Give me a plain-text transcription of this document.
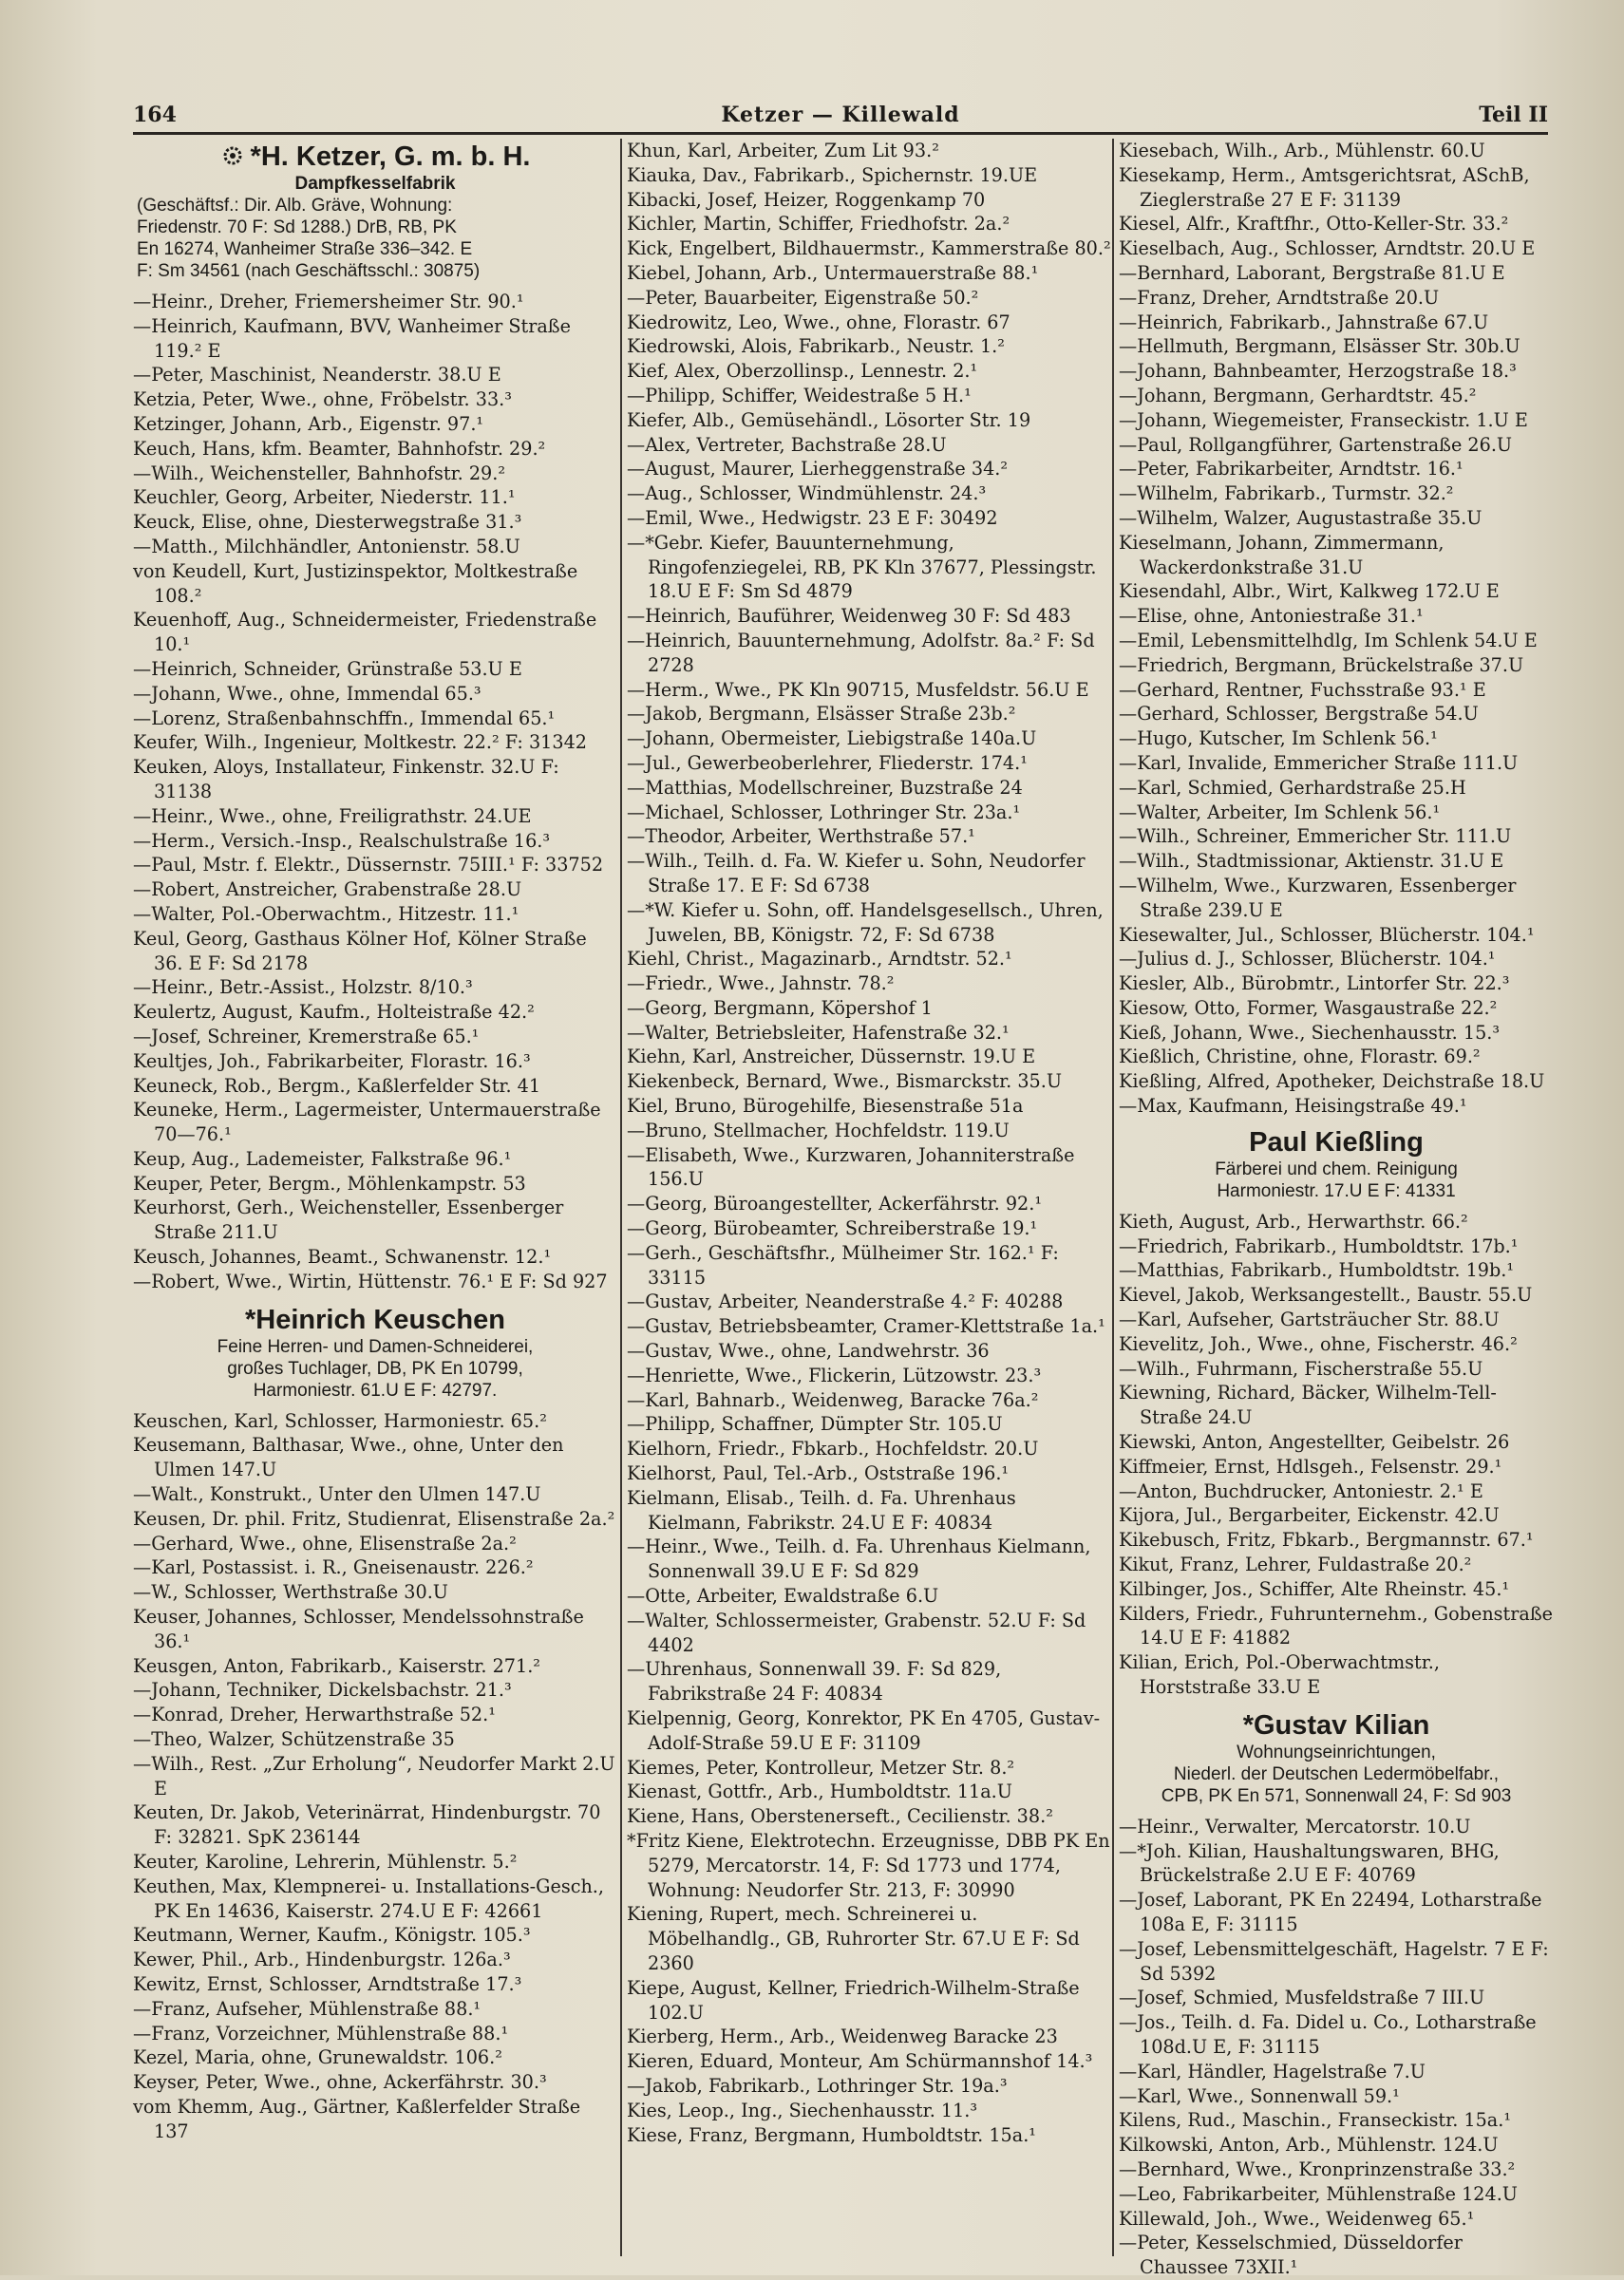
164	Ketzer — Killewald	Teil II
*H. Ketzer, G. m. b. H.
Dampfkesselfabrik
(Geschäftsf.: Dir. Alb. Gräve, Wohnung:
Friedenstr. 70 F: Sd 1288.) DrB, RB, PK
En 16274, Wanheimer Straße 336–342. E
F: Sm 34561 (nach Geschäftsschl.: 30875)
—Heinr., Dreher, Friemersheimer Str. 90.¹
—Heinrich, Kaufmann, BVV, Wanheimer Straße 119.² E
—Peter, Maschinist, Neanderstr. 38.U E
Ketzia, Peter, Wwe., ohne, Fröbelstr. 33.³
Ketzinger, Johann, Arb., Eigenstr. 97.¹
Keuch, Hans, kfm. Beamter, Bahnhofstr. 29.²
—Wilh., Weichensteller, Bahnhofstr. 29.²
Keuchler, Georg, Arbeiter, Niederstr. 11.¹
Keuck, Elise, ohne, Diesterwegstraße 31.³
—Matth., Milchhändler, Antonienstr. 58.U
von Keudell, Kurt, Justizinspektor, Moltkestraße 108.²
Keuenhoff, Aug., Schneidermeister, Friedenstraße 10.¹
—Heinrich, Schneider, Grünstraße 53.U E
—Johann, Wwe., ohne, Immendal 65.³
—Lorenz, Straßenbahnschffn., Immendal 65.¹
Keufer, Wilh., Ingenieur, Moltkestr. 22.² F: 31342
Keuken, Aloys, Installateur, Finkenstr. 32.U F: 31138
—Heinr., Wwe., ohne, Freiligrathstr. 24.UE
—Herm., Versich.-Insp., Realschulstraße 16.³
—Paul, Mstr. f. Elektr., Düssernstr. 75III.¹ F: 33752
—Robert, Anstreicher, Grabenstraße 28.U
—Walter, Pol.-Oberwachtm., Hitzestr. 11.¹
Keul, Georg, Gasthaus Kölner Hof, Kölner Straße 36. E F: Sd 2178
—Heinr., Betr.-Assist., Holzstr. 8/10.³
Keulertz, August, Kaufm., Holteistraße 42.²
—Josef, Schreiner, Kremerstraße 65.¹
Keultjes, Joh., Fabrikarbeiter, Florastr. 16.³
Keuneck, Rob., Bergm., Kaßlerfelder Str. 41
Keuneke, Herm., Lagermeister, Untermauerstraße 70—76.¹
Keup, Aug., Lademeister, Falkstraße 96.¹
Keuper, Peter, Bergm., Möhlenkampstr. 53
Keurhorst, Gerh., Weichensteller, Essenberger Straße 211.U
Keusch, Johannes, Beamt., Schwanenstr. 12.¹
—Robert, Wwe., Wirtin, Hüttenstr. 76.¹ E F: Sd 927
*Heinrich Keuschen
Feine Herren- und Damen-Schneiderei,
großes Tuchlager, DB, PK En 10799,
Harmoniestr. 61.U E F: 42797.
Keuschen, Karl, Schlosser, Harmoniestr. 65.²
Keusemann, Balthasar, Wwe., ohne, Unter den Ulmen 147.U
—Walt., Konstrukt., Unter den Ulmen 147.U
Keusen, Dr. phil. Fritz, Studienrat, Elisenstraße 2a.²
—Gerhard, Wwe., ohne, Elisenstraße 2a.²
—Karl, Postassist. i. R., Gneisenaustr. 226.²
—W., Schlosser, Werthstraße 30.U
Keuser, Johannes, Schlosser, Mendelssohnstraße 36.¹
Keusgen, Anton, Fabrikarb., Kaiserstr. 271.²
—Johann, Techniker, Dickelsbachstr. 21.³
—Konrad, Dreher, Herwarthstraße 52.¹
—Theo, Walzer, Schützenstraße 35
—Wilh., Rest. „Zur Erholung“, Neudorfer Markt 2.U E
Keuten, Dr. Jakob, Veterinärrat, Hindenburgstr. 70 F: 32821. SpK 236144
Keuter, Karoline, Lehrerin, Mühlenstr. 5.²
Keuthen, Max, Klempnerei- u. Installations-Gesch., PK En 14636, Kaiserstr. 274.U E F: 42661
Keutmann, Werner, Kaufm., Königstr. 105.³
Kewer, Phil., Arb., Hindenburgstr. 126a.³
Kewitz, Ernst, Schlosser, Arndtstraße 17.³
—Franz, Aufseher, Mühlenstraße 88.¹
—Franz, Vorzeichner, Mühlenstraße 88.¹
Kezel, Maria, ohne, Grunewaldstr. 106.²
Keyser, Peter, Wwe., ohne, Ackerfährstr. 30.³
vom Khemm, Aug., Gärtner, Kaßlerfelder Straße 137
Khun, Karl, Arbeiter, Zum Lit 93.²
Kiauka, Dav., Fabrikarb., Spichernstr. 19.UE
Kibacki, Josef, Heizer, Roggenkamp 70
Kichler, Martin, Schiffer, Friedhofstr. 2a.²
Kick, Engelbert, Bildhauermstr., Kammerstraße 80.²
Kiebel, Johann, Arb., Untermauerstraße 88.¹
—Peter, Bauarbeiter, Eigenstraße 50.²
Kiedrowitz, Leo, Wwe., ohne, Florastr. 67
Kiedrowski, Alois, Fabrikarb., Neustr. 1.²
Kief, Alex, Oberzollinsp., Lennestr. 2.¹
—Philipp, Schiffer, Weidestraße 5 H.¹
Kiefer, Alb., Gemüsehändl., Lösorter Str. 19
—Alex, Vertreter, Bachstraße 28.U
—August, Maurer, Lierheggenstraße 34.²
—Aug., Schlosser, Windmühlenstr. 24.³
—Emil, Wwe., Hedwigstr. 23 E F: 30492
—*Gebr. Kiefer, Bauunternehmung, Ringofenziegelei, RB, PK Kln 37677, Plessingstr. 18.U E F: Sm Sd 4879
—Heinrich, Bauführer, Weidenweg 30 F: Sd 483
—Heinrich, Bauunternehmung, Adolfstr. 8a.² F: Sd 2728
—Herm., Wwe., PK Kln 90715, Musfeldstr. 56.U E
—Jakob, Bergmann, Elsässer Straße 23b.²
—Johann, Obermeister, Liebigstraße 140a.U
—Jul., Gewerbeoberlehrer, Fliederstr. 174.¹
—Matthias, Modellschreiner, Buzstraße 24
—Michael, Schlosser, Lothringer Str. 23a.¹
—Theodor, Arbeiter, Werthstraße 57.¹
—Wilh., Teilh. d. Fa. W. Kiefer u. Sohn, Neudorfer Straße 17. E F: Sd 6738
—*W. Kiefer u. Sohn, off. Handelsgesellsch., Uhren, Juwelen, BB, Königstr. 72, F: Sd 6738
Kiehl, Christ., Magazinarb., Arndtstr. 52.¹
—Friedr., Wwe., Jahnstr. 78.²
—Georg, Bergmann, Köpershof 1
—Walter, Betriebsleiter, Hafenstraße 32.¹
Kiehn, Karl, Anstreicher, Düssernstr. 19.U E
Kiekenbeck, Bernard, Wwe., Bismarckstr. 35.U
Kiel, Bruno, Bürogehilfe, Biesenstraße 51a
—Bruno, Stellmacher, Hochfeldstr. 119.U
—Elisabeth, Wwe., Kurzwaren, Johanniterstraße 156.U
—Georg, Büroangestellter, Ackerfährstr. 92.¹
—Georg, Bürobeamter, Schreiberstraße 19.¹
—Gerh., Geschäftsfhr., Mülheimer Str. 162.¹ F: 33115
—Gustav, Arbeiter, Neanderstraße 4.² F: 40288
—Gustav, Betriebsbeamter, Cramer-Klettstraße 1a.¹
—Gustav, Wwe., ohne, Landwehrstr. 36
—Henriette, Wwe., Flickerin, Lützowstr. 23.³
—Karl, Bahnarb., Weidenweg, Baracke 76a.²
—Philipp, Schaffner, Dümpter Str. 105.U
Kielhorn, Friedr., Fbkarb., Hochfeldstr. 20.U
Kielhorst, Paul, Tel.-Arb., Oststraße 196.¹
Kielmann, Elisab., Teilh. d. Fa. Uhrenhaus Kielmann, Fabrikstr. 24.U E F: 40834
—Heinr., Wwe., Teilh. d. Fa. Uhrenhaus Kielmann, Sonnenwall 39.U E F: Sd 829
—Otte, Arbeiter, Ewaldstraße 6.U
—Walter, Schlossermeister, Grabenstr. 52.U F: Sd 4402
—Uhrenhaus, Sonnenwall 39. F: Sd 829, Fabrikstraße 24 F: 40834
Kielpennig, Georg, Konrektor, PK En 4705, Gustav-Adolf-Straße 59.U E F: 31109
Kiemes, Peter, Kontrolleur, Metzer Str. 8.²
Kienast, Gottfr., Arb., Humboldtstr. 11a.U
Kiene, Hans, Oberstenerseft., Cecilienstr. 38.²
*Fritz Kiene, Elektrotechn. Erzeugnisse, DBB PK En 5279, Mercatorstr. 14, F: Sd 1773 und 1774, Wohnung: Neudorfer Str. 213, F: 30990
Kiening, Rupert, mech. Schreinerei u. Möbelhandlg., GB, Ruhrorter Str. 67.U E F: Sd 2360
Kiepe, August, Kellner, Friedrich-Wilhelm-Straße 102.U
Kierberg, Herm., Arb., Weidenweg Baracke 23
Kieren, Eduard, Monteur, Am Schürmannshof 14.³
—Jakob, Fabrikarb., Lothringer Str. 19a.³
Kies, Leop., Ing., Siechenhausstr. 11.³
Kiese, Franz, Bergmann, Humboldtstr. 15a.¹
Kiesebach, Wilh., Arb., Mühlenstr. 60.U
Kiesekamp, Herm., Amtsgerichtsrat, ASchB, Zieglerstraße 27 E F: 31139
Kiesel, Alfr., Kraftfhr., Otto-Keller-Str. 33.²
Kieselbach, Aug., Schlosser, Arndtstr. 20.U E
—Bernhard, Laborant, Bergstraße 81.U E
—Franz, Dreher, Arndtstraße 20.U
—Heinrich, Fabrikarb., Jahnstraße 67.U
—Hellmuth, Bergmann, Elsässer Str. 30b.U
—Johann, Bahnbeamter, Herzogstraße 18.³
—Johann, Bergmann, Gerhardtstr. 45.²
—Johann, Wiegemeister, Franseckistr. 1.U E
—Paul, Rollgangführer, Gartenstraße 26.U
—Peter, Fabrikarbeiter, Arndtstr. 16.¹
—Wilhelm, Fabrikarb., Turmstr. 32.²
—Wilhelm, Walzer, Augustastraße 35.U
Kieselmann, Johann, Zimmermann, Wackerdonkstraße 31.U
Kiesendahl, Albr., Wirt, Kalkweg 172.U E
—Elise, ohne, Antoniestraße 31.¹
—Emil, Lebensmittelhdlg, Im Schlenk 54.U E
—Friedrich, Bergmann, Brückelstraße 37.U
—Gerhard, Rentner, Fuchsstraße 93.¹ E
—Gerhard, Schlosser, Bergstraße 54.U
—Hugo, Kutscher, Im Schlenk 56.¹
—Karl, Invalide, Emmericher Straße 111.U
—Karl, Schmied, Gerhardstraße 25.H
—Walter, Arbeiter, Im Schlenk 56.¹
—Wilh., Schreiner, Emmericher Str. 111.U
—Wilh., Stadtmissionar, Aktienstr. 31.U E
—Wilhelm, Wwe., Kurzwaren, Essenberger Straße 239.U E
Kiesewalter, Jul., Schlosser, Blücherstr. 104.¹
—Julius d. J., Schlosser, Blücherstr. 104.¹
Kiesler, Alb., Bürobmtr., Lintorfer Str. 22.³
Kiesow, Otto, Former, Wasgaustraße 22.²
Kieß, Johann, Wwe., Siechenhausstr. 15.³
Kießlich, Christine, ohne, Florastr. 69.²
Kießling, Alfred, Apotheker, Deichstraße 18.U
—Max, Kaufmann, Heisingstraße 49.¹
Paul Kießling
Färberei und chem. Reinigung
Harmoniestr. 17.U E F: 41331
Kieth, August, Arb., Herwarthstr. 66.²
—Friedrich, Fabrikarb., Humboldtstr. 17b.¹
—Matthias, Fabrikarb., Humboldtstr. 19b.¹
Kievel, Jakob, Werksangestellt., Baustr. 55.U
—Karl, Aufseher, Gartsträucher Str. 88.U
Kievelitz, Joh., Wwe., ohne, Fischerstr. 46.²
—Wilh., Fuhrmann, Fischerstraße 55.U
Kiewning, Richard, Bäcker, Wilhelm-Tell-Straße 24.U
Kiewski, Anton, Angestellter, Geibelstr. 26
Kiffmeier, Ernst, Hdlsgeh., Felsenstr. 29.¹
—Anton, Buchdrucker, Antoniestr. 2.¹ E
Kijora, Jul., Bergarbeiter, Eickenstr. 42.U
Kikebusch, Fritz, Fbkarb., Bergmannstr. 67.¹
Kikut, Franz, Lehrer, Fuldastraße 20.²
Kilbinger, Jos., Schiffer, Alte Rheinstr. 45.¹
Kilders, Friedr., Fuhrunternehm., Gobenstraße 14.U E F: 41882
Kilian, Erich, Pol.-Oberwachtmstr., Horststraße 33.U E
*Gustav Kilian
Wohnungseinrichtungen,
Niederl. der Deutschen Ledermöbelfabr.,
CPB, PK En 571, Sonnenwall 24, F: Sd 903
—Heinr., Verwalter, Mercatorstr. 10.U
—*Joh. Kilian, Haushaltungswaren, BHG, Brückelstraße 2.U E F: 40769
—Josef, Laborant, PK En 22494, Lotharstraße 108a E, F: 31115
—Josef, Lebensmittelgeschäft, Hagelstr. 7 E F: Sd 5392
—Josef, Schmied, Musfeldstraße 7 III.U
—Jos., Teilh. d. Fa. Didel u. Co., Lotharstraße 108d.U E, F: 31115
—Karl, Händler, Hagelstraße 7.U
—Karl, Wwe., Sonnenwall 59.¹
Kilens, Rud., Maschin., Franseckistr. 15a.¹
Kilkowski, Anton, Arb., Mühlenstr. 124.U
—Bernhard, Wwe., Kronprinzenstraße 33.²
—Leo, Fabrikarbeiter, Mühlenstraße 124.U
Killewald, Joh., Wwe., Weidenweg 65.¹
—Peter, Kesselschmied, Düsseldorfer Chaussee 73XII.¹
